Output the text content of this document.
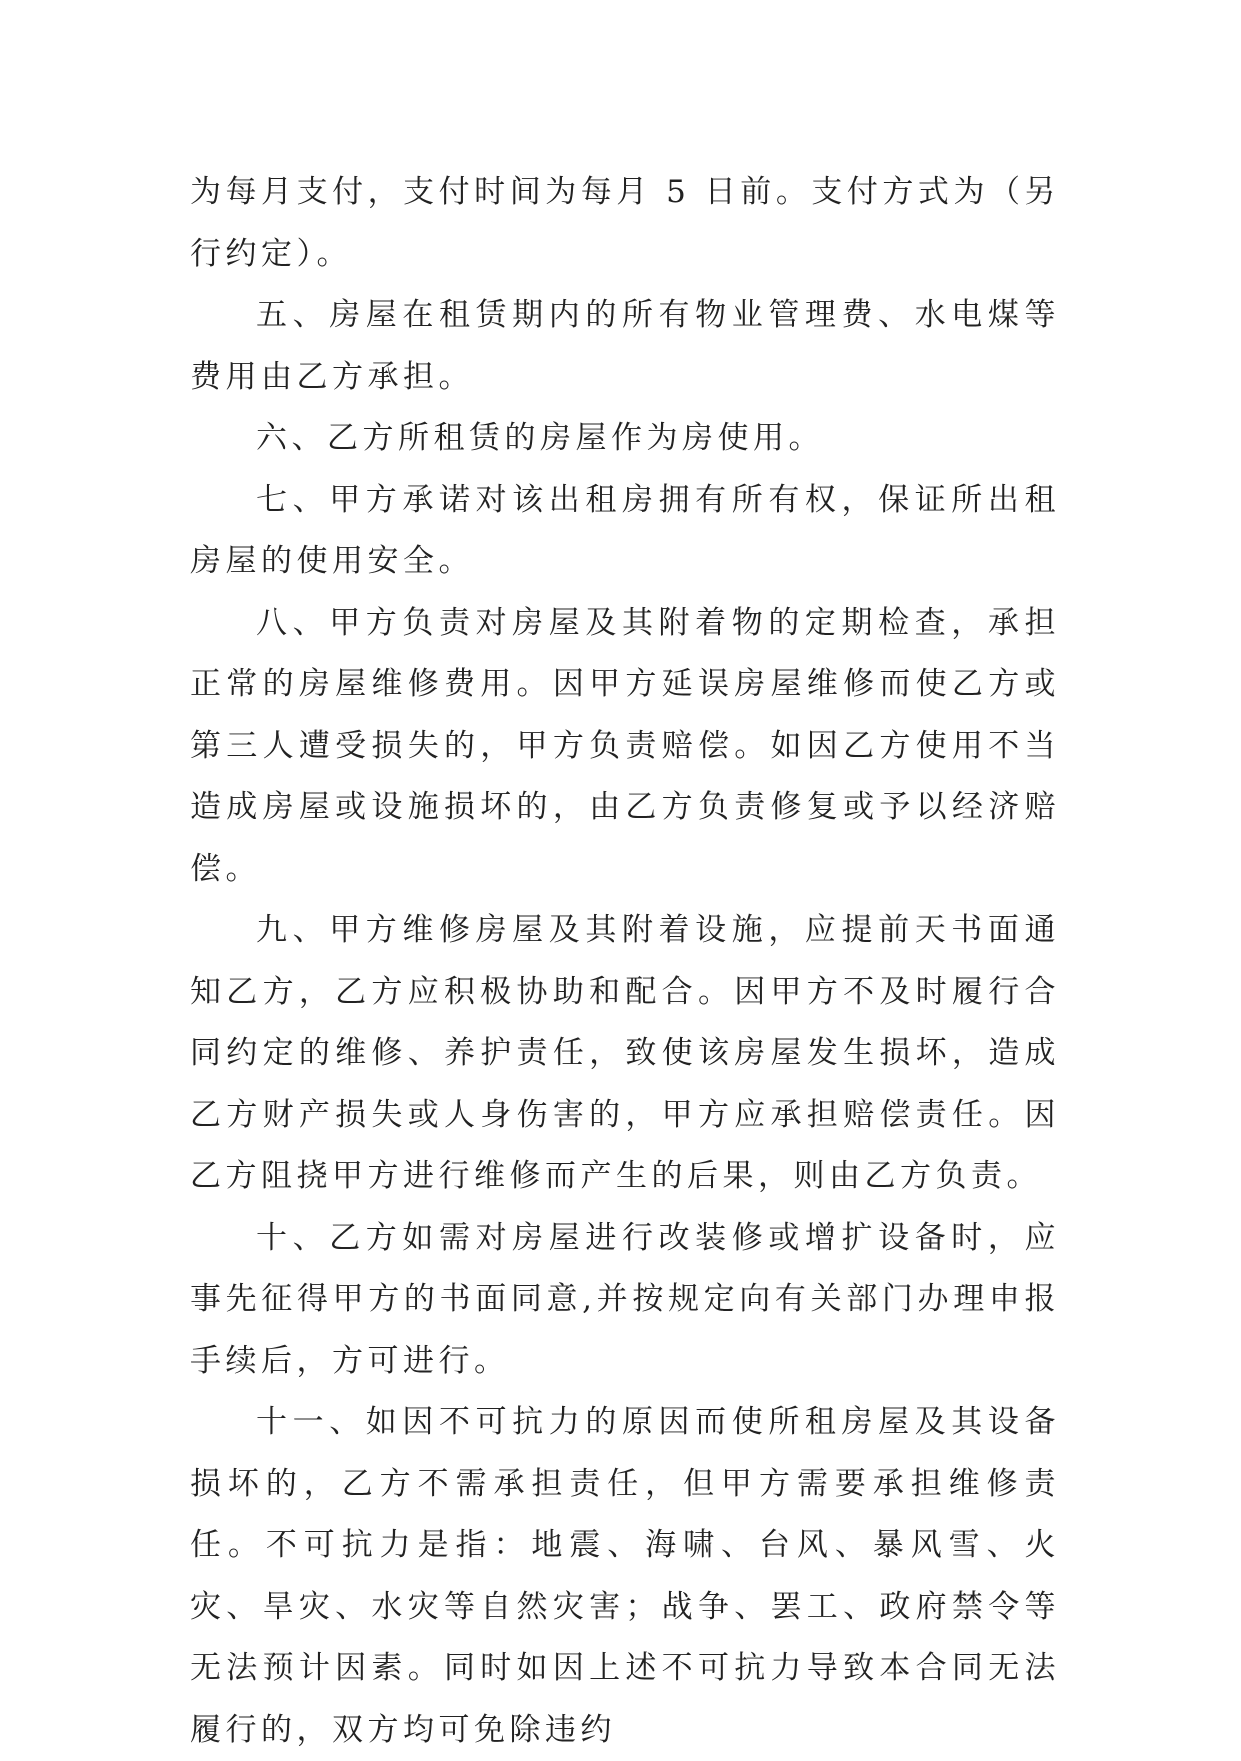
为每月支付，支付时间为每月 5 日前。支付方式为（另行约定）。

五、房屋在租赁期内的所有物业管理费、水电煤等费用由乙方承担。

六、乙方所租赁的房屋作为房使用。

七、甲方承诺对该出租房拥有所有权，保证所出租房屋的使用安全。

八、甲方负责对房屋及其附着物的定期检查，承担正常的房屋维修费用。因甲方延误房屋维修而使乙方或第三人遭受损失的，甲方负责赔偿。如因乙方使用不当造成房屋或设施损坏的，由乙方负责修复或予以经济赔偿。

九、甲方维修房屋及其附着设施，应提前天书面通知乙方，乙方应积极协助和配合。因甲方不及时履行合同约定的维修、养护责任，致使该房屋发生损坏，造成乙方财产损失或人身伤害的，甲方应承担赔偿责任。因乙方阻挠甲方进行维修而产生的后果，则由乙方负责。

十、乙方如需对房屋进行改装修或增扩设备时，应事先征得甲方的书面同意,并按规定向有关部门办理申报手续后，方可进行。

十一、如因不可抗力的原因而使所租房屋及其设备损坏的，乙方不需承担责任，但甲方需要承担维修责任。不可抗力是指：地震、海啸、台风、暴风雪、火灾、旱灾、水灾等自然灾害；战争、罢工、政府禁令等无法预计因素。同时如因上述不可抗力导致本合同无法履行的，双方均可免除违约
